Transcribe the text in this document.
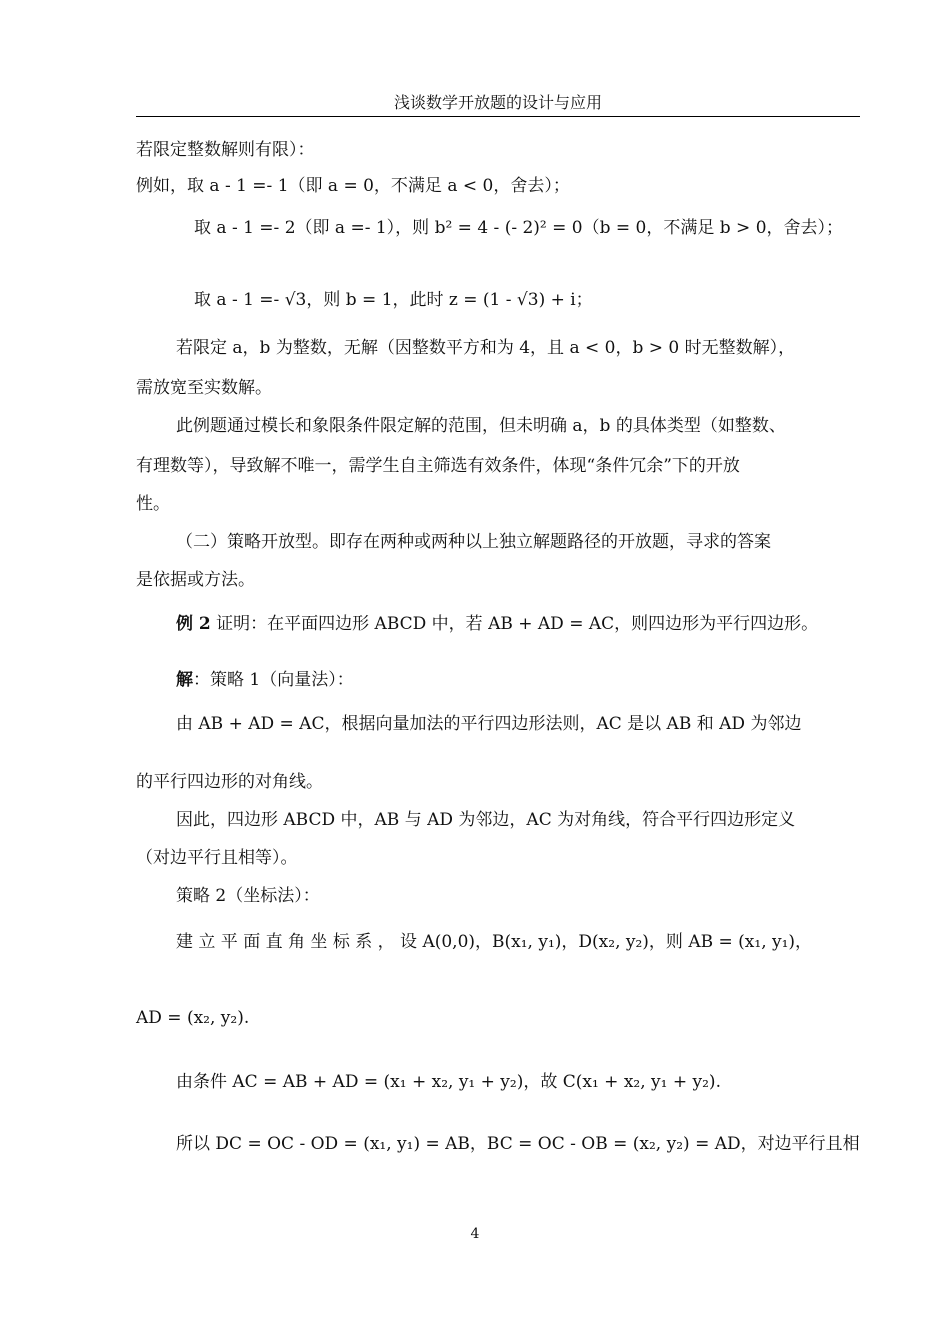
浅谈数学开放题的设计与应用
若限定整数解则有限）：
例如，取 a - 1 =- 1（即 a = 0，不满足 a < 0，舍去）；
取 a - 1 =- 2（即 a =- 1），则 b² = 4 - (- 2)² = 0（b = 0，不满足 b > 0，舍去）；
取 a - 1 =- √3，则 b = 1，此时 z = (1 - √3) + i；
若限定 a，b 为整数，无解（因整数平方和为 4，且 a < 0，b > 0 时无整数解），
需放宽至实数解。
此例题通过模长和象限条件限定解的范围，但未明确 a，b 的具体类型（如整数、
有理数等），导致解不唯一，需学生自主筛选有效条件，体现“条件冗余”下的开放
性。
（二）策略开放型。即存在两种或两种以上独立解题路径的开放题，寻求的答案
是依据或方法。
例 2 证明：在平面四边形 ABCD 中，若 AB + AD = AC，则四边形为平行四边形。
解：策略 1（向量法）：
由 AB + AD = AC，根据向量加法的平行四边形法则，AC 是以 AB 和 AD 为邻边
的平行四边形的对角线。
因此，四边形 ABCD 中，AB 与 AD 为邻边，AC 为对角线，符合平行四边形定义
（对边平行且相等）。
策略 2（坐标法）：
建 立 平 面 直 角 坐 标 系 ， 设 A(0,0)，B(x₁, y₁)，D(x₂, y₂)，则 AB = (x₁, y₁)，
AD = (x₂, y₂).
由条件 AC = AB + AD = (x₁ + x₂, y₁ + y₂)，故 C(x₁ + x₂, y₁ + y₂).
所以 DC = OC - OD = (x₁, y₁) = AB，BC = OC - OB = (x₂, y₂) = AD，对边平行且相
4
